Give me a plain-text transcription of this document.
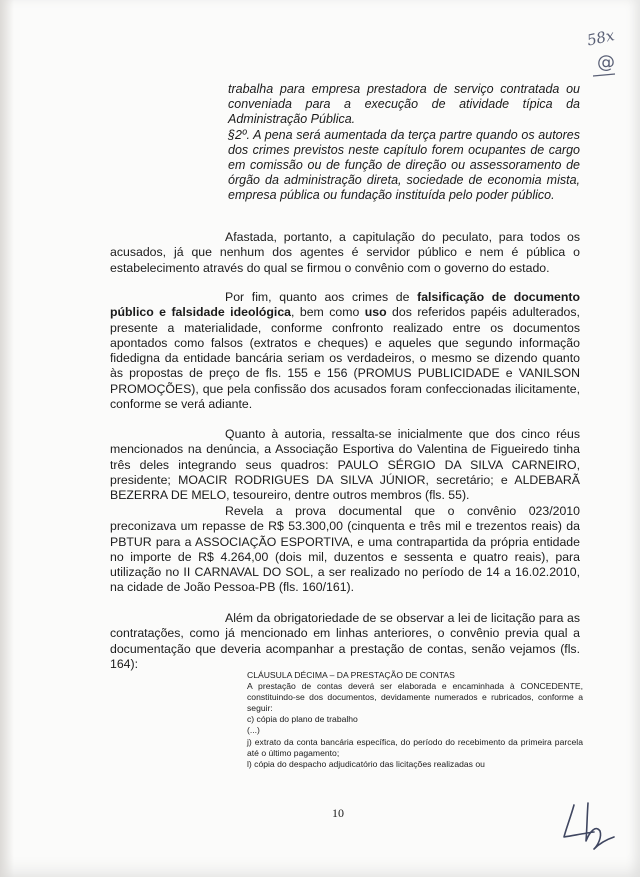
58x
@

trabalha para empresa prestadora de serviço contratada ou conveniada para a execução de atividade típica da Administração Pública.

§2º. A pena será aumentada da terça partre quando os autores dos crimes previstos neste capítulo forem ocupantes de cargo em comissão ou de função de direção ou assessoramento de órgão da administração direta, sociedade de economia mista, empresa pública ou fundação instituída pelo poder público.

Afastada, portanto, a capitulação do peculato, para todos os acusados, já que nenhum dos agentes é servidor público e nem é pública o estabelecimento através do qual se firmou o convênio com o governo do estado.

Por fim, quanto aos crimes de falsificação de documento público e falsidade ideológica, bem como uso dos referidos papéis adulterados, presente a materialidade, conforme confronto realizado entre os documentos apontados como falsos (extratos e cheques) e aqueles que segundo informação fidedigna da entidade bancária seriam os verdadeiros, o mesmo se dizendo quanto às propostas de preço de fls. 155 e 156 (PROMUS PUBLICIDADE e VANILSON PROMOÇÕES), que pela confissão dos acusados foram confeccionadas ilicitamente, conforme se verá adiante.

Quanto à autoria, ressalta-se inicialmente que dos cinco réus mencionados na denúncia, a Associação Esportiva do Valentina de Figueiredo tinha três deles integrando seus quadros: PAULO SÉRGIO DA SILVA CARNEIRO, presidente; MOACIR RODRIGUES DA SILVA JÚNIOR, secretário; e ALDEBARÃ BEZERRA DE MELO, tesoureiro, dentre outros membros (fls. 55).

Revela a prova documental que o convênio 023/2010 preconizava um repasse de R$ 53.300,00 (cinquenta e três mil e trezentos reais) da PBTUR para a ASSOCIAÇÃO ESPORTIVA, e uma contrapartida da própria entidade no importe de R$ 4.264,00 (dois mil, duzentos e sessenta e quatro reais), para utilização no II CARNAVAL DO SOL, a ser realizado no período de 14 a 16.02.2010, na cidade de João Pessoa-PB (fls. 160/161).

Além da obrigatoriedade de se observar a lei de licitação para as contratações, como já mencionado em linhas anteriores, o convênio previa qual a documentação que deveria acompanhar a prestação de contas, senão vejamos (fls. 164):

CLÁUSULA DÉCIMA – DA PRESTAÇÃO DE CONTAS

A prestação de contas deverá ser elaborada e encaminhada à CONCEDENTE, constituindo-se dos documentos, devidamente numerados e rubricados, conforme a seguir:

c) cópia do plano de trabalho

(...)

j) extrato da conta bancária específica, do período do recebimento da primeira parcela até o último pagamento;

l) cópia do despacho adjudicatório das licitações realizadas ou

10
